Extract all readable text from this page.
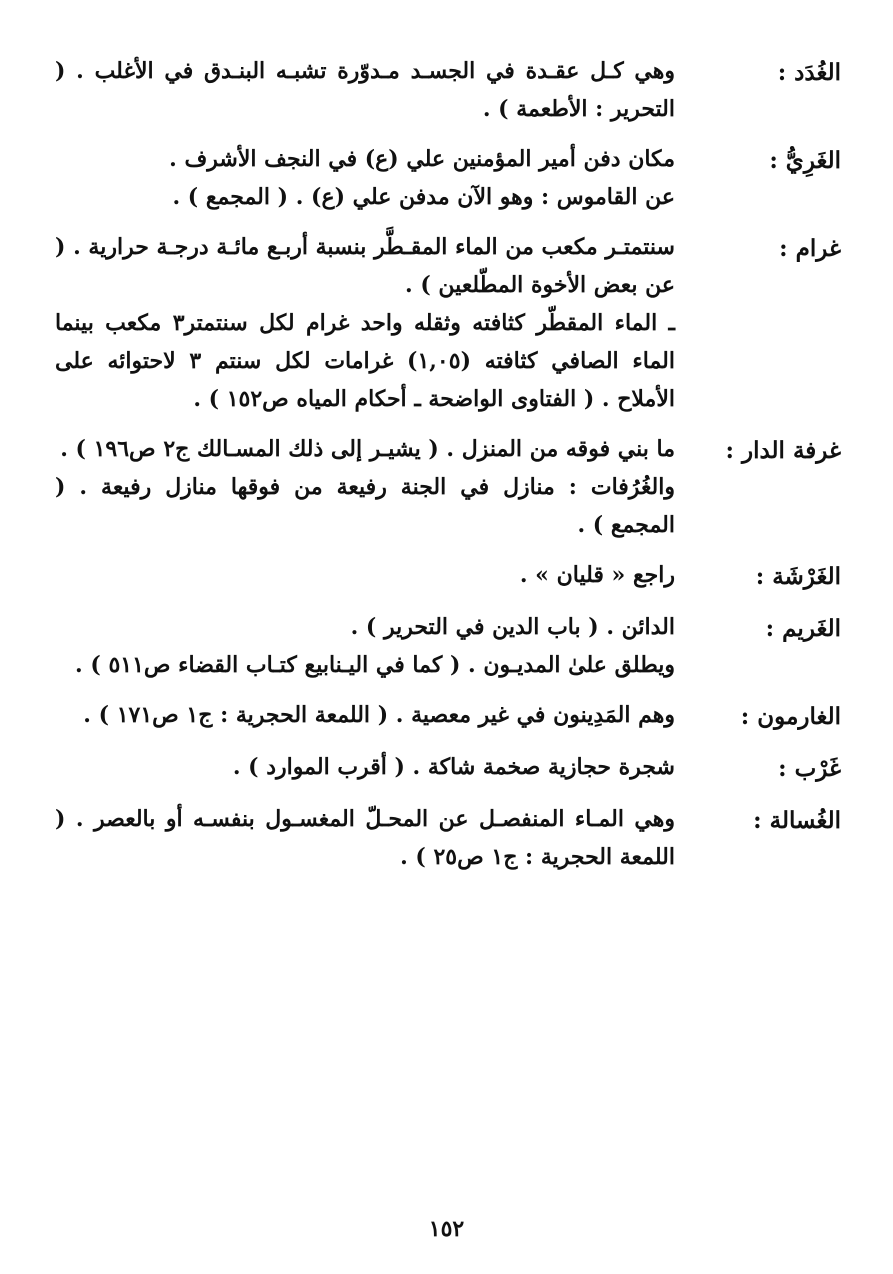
الغُدَد :
وهي كـل عقـدة في الجسـد مـدوّرة تشبـه البنـدق في الأغلب . ( التحرير : الأطعمة ) .
الغَرِيُّ :
مكان دفن أمير المؤمنين علي (ع) في النجف الأشرف .
عن القاموس : وهو الآن مدفن علي (ع) . ( المجمع ) .
غرام :
سنتمتـر مكعب من الماء المقـطَّر بنسبة أربـع مائـة درجـة حرارية . ( عن بعض الأخوة المطّلعين ) .
ـ الماء المقطّر كثافته وثقله واحد غرام لكل سنتمتر٣ مكعب بينما الماء الصافي كثافته (١,٠٥) غرامات لكل سنتم ٣ لاحتوائه على الأملاح . ( الفتاوى الواضحة ـ أحكام المياه ص١٥٢ ) .
غرفة الدار :
ما بني فوقه من المنزل . ( يشيـر إلى ذلك المسـالك ج٢ ص١٩٦ ) .
والغُرُفات : منازل في الجنة رفيعة من فوقها منازل رفيعة . ( المجمع ) .
الغَرْشَة :
راجع « قليان » .
الغَريم :
الدائن . ( باب الدين في التحرير ) .
ويطلق علىٰ المديـون . ( كما في اليـنابيع كتـاب القضاء ص٥١١ ) .
الغارمون :
وهم المَدِينون في غير معصية . ( اللمعة الحجرية : ج١ ص١٧١ ) .
غَرْب :
شجرة حجازية صخمة شاكة . ( أقرب الموارد ) .
الغُسالة :
وهي المـاء المنفصـل عن المحـلّ المغسـول بنفسـه أو بالعصر . ( اللمعة الحجرية : ج١ ص٢٥ ) .
١٥٢
